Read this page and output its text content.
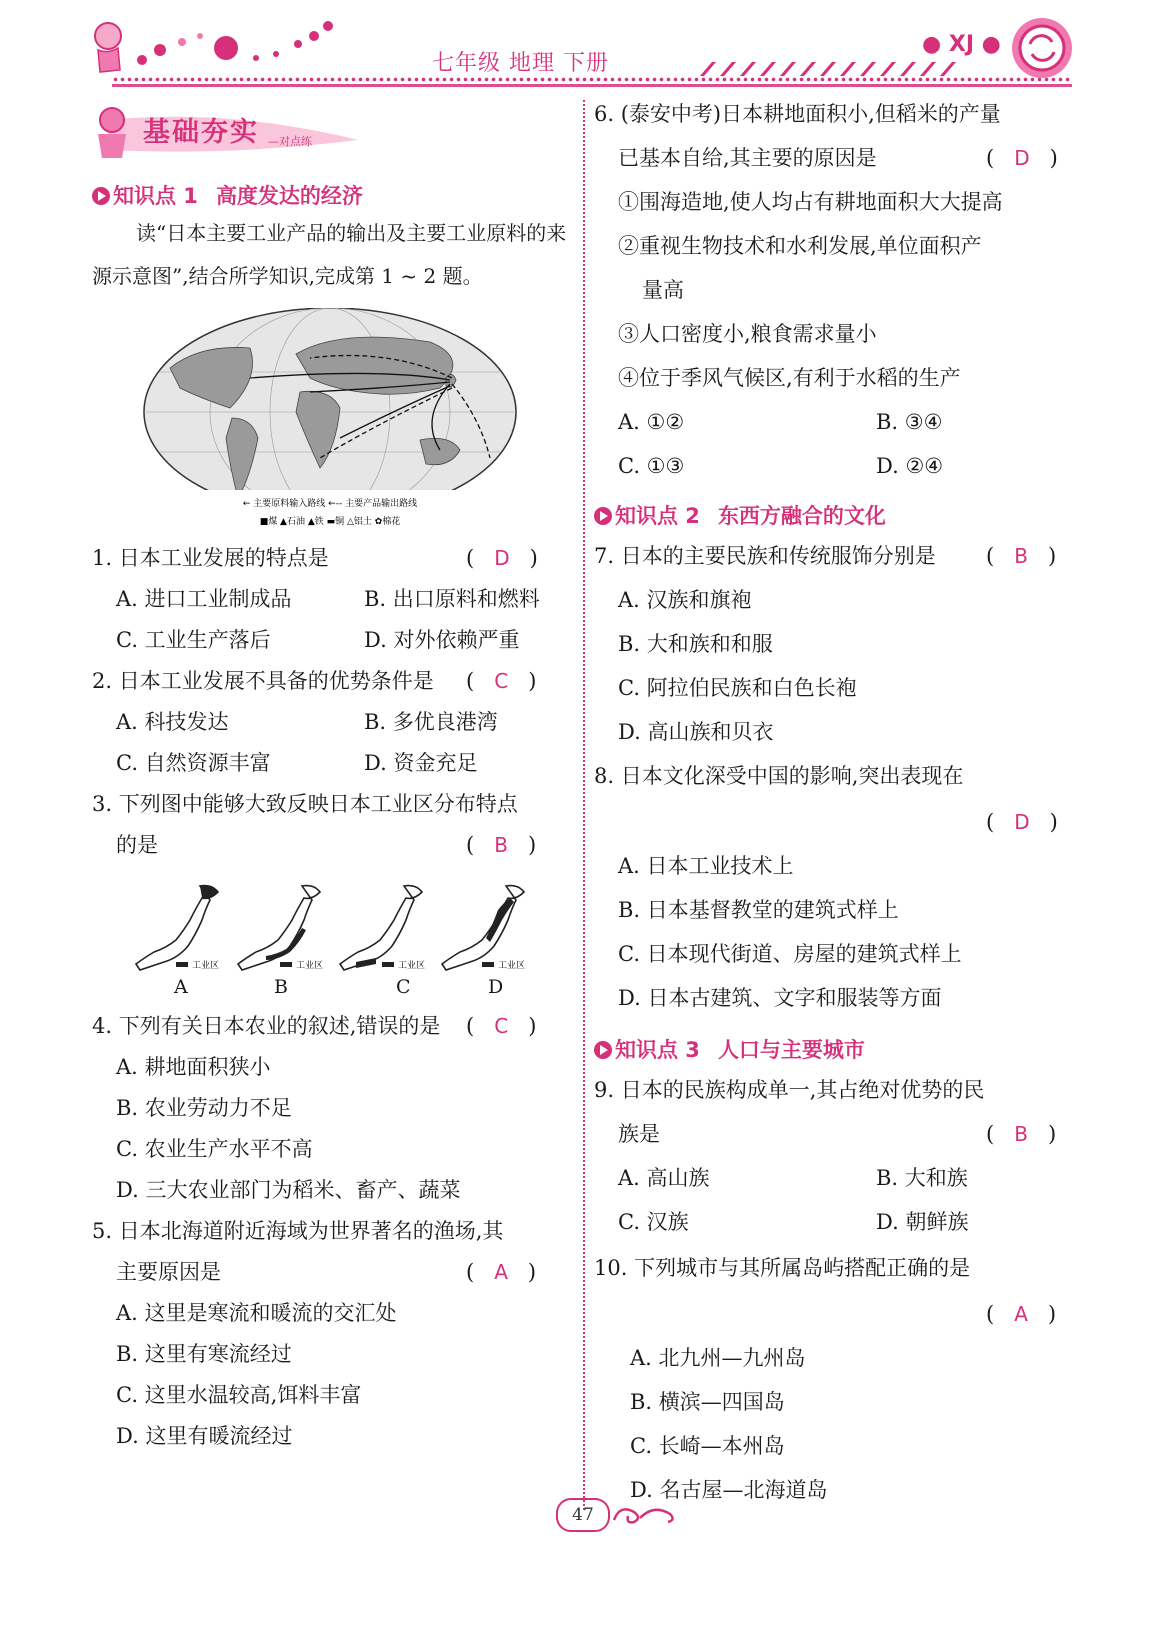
七年级 地理 下册
● XJ ●
基础夯实 —对点练
知识点 1 高度发达的经济
读“日本主要工业产品的输出及主要工业原料的来源示意图”,结合所学知识,完成第 1 ~ 2 题。
← 主要原料输入路线 ←-- 主要产品输出路线
■煤 ▲石油 ▲铁 ▬铜 △铝土 ✿棉花
1. 日本工业发展的特点是	(   D   )
A. 进口工业制成品	B. 出口原料和燃料
C. 工业生产落后	D. 对外依赖严重
2. 日本工业发展不具备的优势条件是 (   C   )
A. 科技发达	B. 多优良港湾
C. 自然资源丰富	D. 资金充足
3. 下列图中能够大致反映日本工业区分布特点
的是	(   B   )
工业区	工业区	工业区	工业区
A	B	C	D
4. 下列有关日本农业的叙述,错误的是 (   C   )
A. 耕地面积狭小
B. 农业劳动力不足
C. 农业生产水平不高
D. 三大农业部门为稻米、畜产、蔬菜
5. 日本北海道附近海域为世界著名的渔场,其
主要原因是	(   A   )
A. 这里是寒流和暖流的交汇处
B. 这里有寒流经过
C. 这里水温较高,饵料丰富
D. 这里有暖流经过
6. (泰安中考)日本耕地面积小,但稻米的产量
已基本自给,其主要的原因是	(   D   )
①围海造地,使人均占有耕地面积大大提高
②重视生物技术和水利发展,单位面积产
量高
③人口密度小,粮食需求量小
④位于季风气候区,有利于水稻的生产
A. ①②	B. ③④
C. ①③	D. ②④
知识点 2 东西方融合的文化
7. 日本的主要民族和传统服饰分别是 (   B   )
A. 汉族和旗袍
B. 大和族和和服
C. 阿拉伯民族和白色长袍
D. 高山族和贝衣
8. 日本文化深受中国的影响,突出表现在
(   D   )
A. 日本工业技术上
B. 日本基督教堂的建筑式样上
C. 日本现代街道、房屋的建筑式样上
D. 日本古建筑、文字和服装等方面
知识点 3 人口与主要城市
9. 日本的民族构成单一,其占绝对优势的民
族是	(   B   )
A. 高山族	B. 大和族
C. 汉族	D. 朝鲜族
10. 下列城市与其所属岛屿搭配正确的是
(   A   )
A. 北九州—九州岛
B. 横滨—四国岛
C. 长崎—本州岛
D. 名古屋—北海道岛
47
